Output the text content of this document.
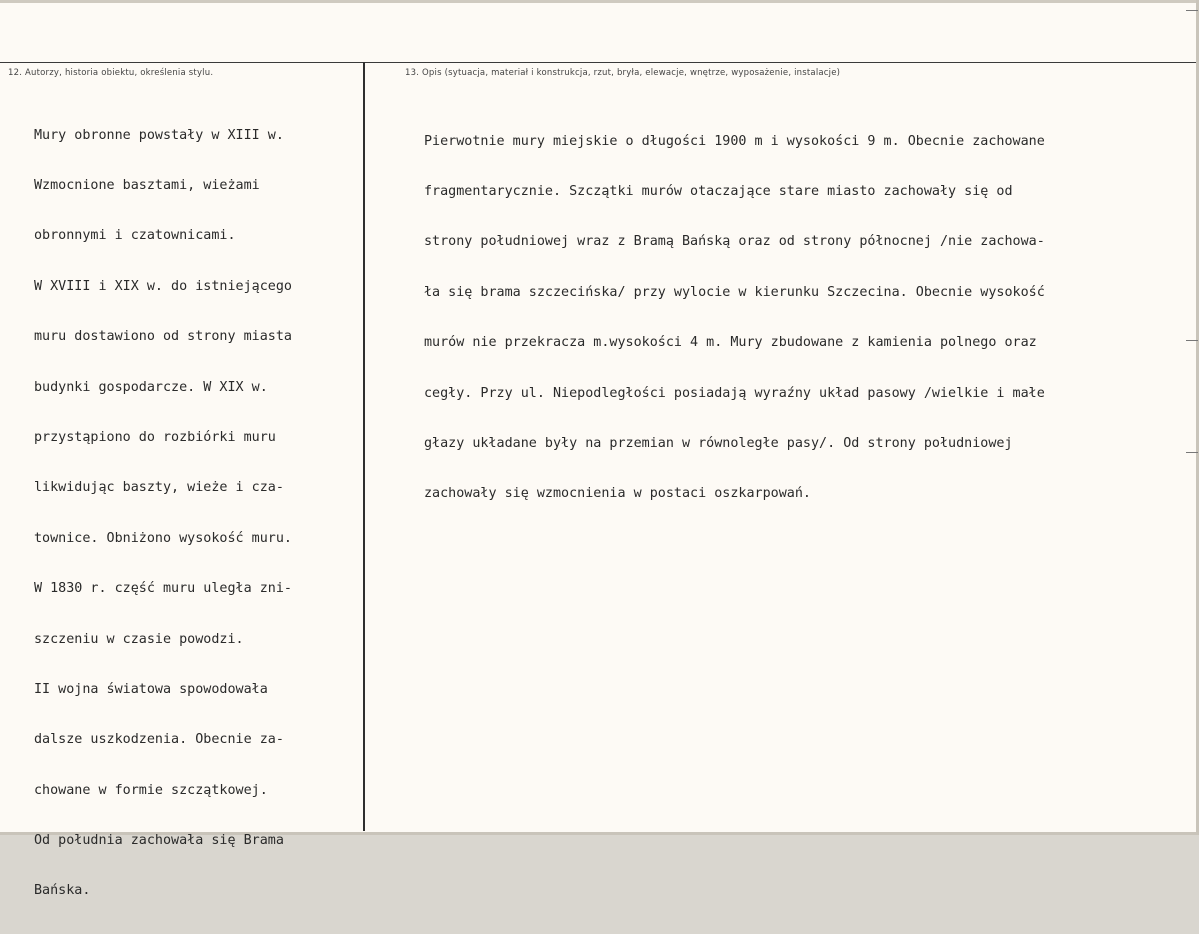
12. Autorzy, historia obiektu, określenia stylu.	13. Opis (sytuacja, materiał i konstrukcja, rzut, bryła, elewacje, wnętrze, wyposażenie, instalacje)

Mury obronne powstały w XIII w.

Wzmocnione basztami, wieżami

obronnymi i czatownicami.

W XVIII i XIX w. do istniejącego

muru dostawiono od strony miasta

budynki gospodarcze. W XIX w.

przystąpiono do rozbiórki muru

likwidując baszty, wieże i cza-

townice. Obniżono wysokość muru.

W 1830 r. część muru uległa zni-

szczeniu w czasie powodzi.

II wojna światowa spowodowała

dalsze uszkodzenia. Obecnie za-

chowane w formie szczątkowej.

Od południa zachowała się Brama

Bańska.

Pierwotnie mury miejskie o długości 1900 m i wysokości 9 m. Obecnie zachowane

fragmentarycznie. Szczątki murów otaczające stare miasto zachowały się od

strony południowej wraz z Bramą Bańską oraz od strony północnej /nie zachowa-

ła się brama szczecińska/ przy wylocie w kierunku Szczecina. Obecnie wysokość

murów nie przekracza m.wysokości 4 m. Mury zbudowane z kamienia polnego oraz

cegły. Przy ul. Niepodległości posiadają wyraźny układ pasowy /wielkie i małe

głazy układane były na przemian w równoległe pasy/. Od strony południowej

zachowały się wzmocnienia w postaci oszkarpowań.
